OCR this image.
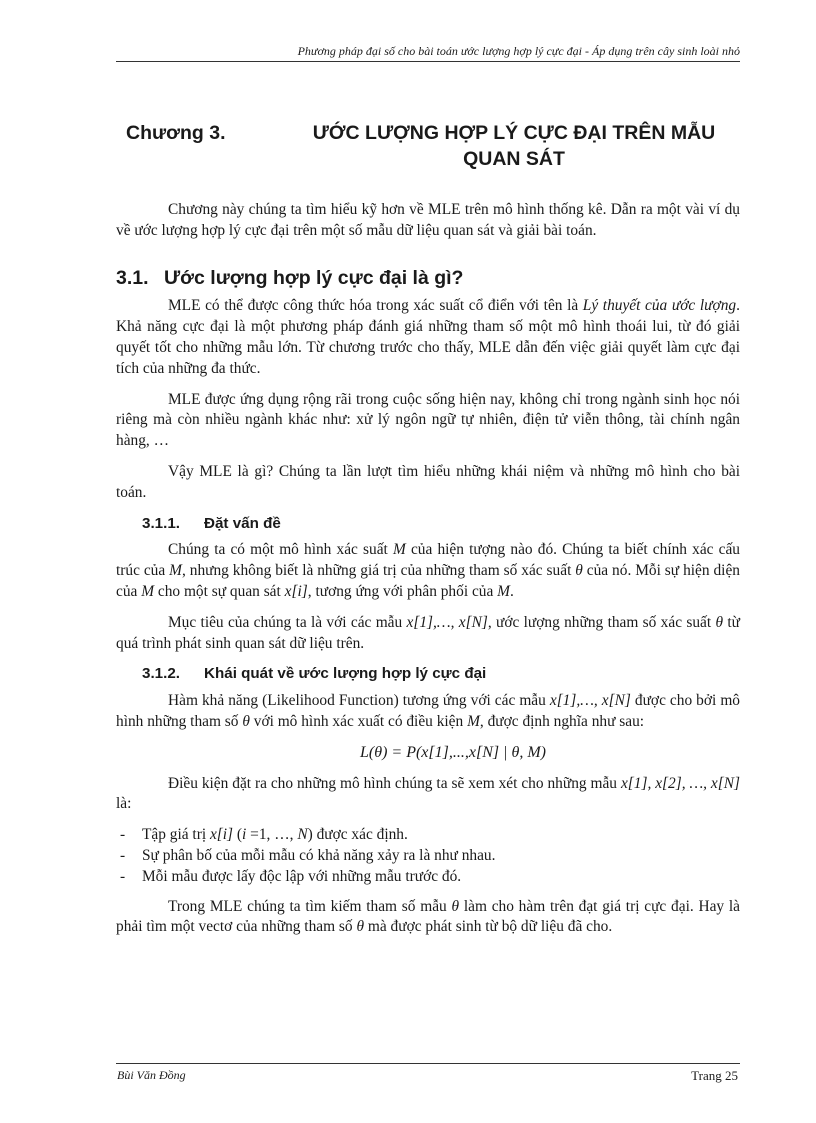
Phương pháp đại số cho bài toán ước lượng hợp lý cực đại - Áp dụng trên cây sinh loài nhỏ
Chương 3.	ƯỚC LƯỢNG HỢP LÝ CỰC ĐẠI TRÊN MẪU QUAN SÁT

Chương này chúng ta tìm hiểu kỹ hơn về MLE trên mô hình thống kê. Dẫn ra một vài ví dụ về ước lượng hợp lý cực đại trên một số mẫu dữ liệu quan sát và giải bài toán.

3.1. Ước lượng hợp lý cực đại là gì?

MLE có thể được công thức hóa trong xác suất cổ điển với tên là Lý thuyết của ước lượng. Khả năng cực đại là một phương pháp đánh giá những tham số một mô hình thoái lui, từ đó giải quyết tốt cho những mẫu lớn. Từ chương trước cho thấy, MLE dẫn đến việc giải quyết làm cực đại tích của những đa thức.

MLE được ứng dụng rộng rãi trong cuộc sống hiện nay, không chỉ trong ngành sinh học nói riêng mà còn nhiều ngành khác như: xử lý ngôn ngữ tự nhiên, điện tử viễn thông, tài chính ngân hàng, …

Vậy MLE là gì? Chúng ta lần lượt tìm hiểu những khái niệm và những mô hình cho bài toán.

3.1.1. Đặt vấn đề

Chúng ta có một mô hình xác suất M của hiện tượng nào đó. Chúng ta biết chính xác cấu trúc của M, nhưng không biết là những giá trị của những tham số xác suất θ của nó. Mỗi sự hiện diện của M cho một sự quan sát x[i], tương ứng với phân phối của M.

Mục tiêu của chúng ta là với các mẫu x[1],…, x[N], ước lượng những tham số xác suất θ từ quá trình phát sinh quan sát dữ liệu trên.

3.1.2. Khái quát về ước lượng hợp lý cực đại

Hàm khả năng (Likelihood Function) tương ứng với các mẫu x[1],…, x[N] được cho bởi mô hình những tham số θ với mô hình xác xuất có điều kiện M, được định nghĩa như sau:

L(θ) = P(x[1],...,x[N] | θ, M)

Điều kiện đặt ra cho những mô hình chúng ta sẽ xem xét cho những mẫu x[1], x[2], …, x[N] là:

- Tập giá trị x[i] (i =1, …, N) được xác định.
- Sự phân bố của mỗi mẫu có khả năng xảy ra là như nhau.
- Mỗi mẫu được lấy độc lập với những mẫu trước đó.

Trong MLE chúng ta tìm kiếm tham số mẫu θ làm cho hàm trên đạt giá trị cực đại. Hay là phải tìm một vectơ của những tham số θ mà được phát sinh từ bộ dữ liệu đã cho.

Bùi Văn Đồng	Trang 25
